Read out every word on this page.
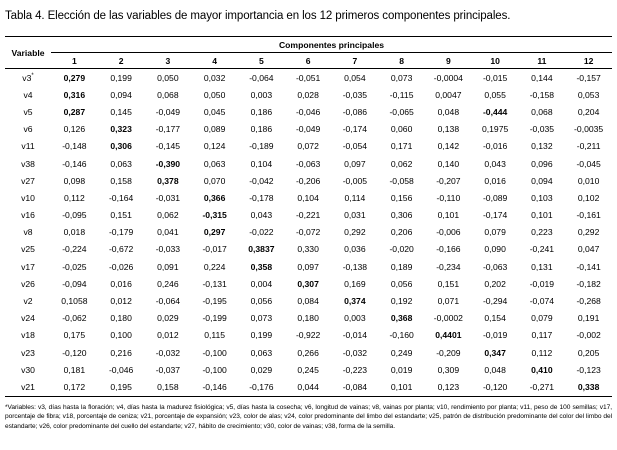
Tabla 4. Elección de las variables de mayor importancia en los 12 primeros componentes principales.
Variable	Componentes principales											
	1	2	3	4	5	6	7	8	9	10	11	12
v3*	0,279	0,199	0,050	0,032	-0,064	-0,051	0,054	0,073	-0,0004	-0,015	0,144	-0,157
v4	0,316	0,094	0,068	0,050	0,003	0,028	-0,035	-0,115	0,0047	0,055	-0,158	0,053
v5	0,287	0,145	-0,049	0,045	0,186	-0,046	-0,086	-0,065	0,048	-0,444	0,068	0,204
v6	0,126	0,323	-0,177	0,089	0,186	-0,049	-0,174	0,060	0,138	0,1975	-0,035	-0,0035
v11	-0,148	0,306	-0,145	0,124	-0,189	0,072	-0,054	0,171	0,142	-0,016	0,132	-0,211
v38	-0,146	0,063	-0,390	0,063	0,104	-0,063	0,097	0,062	0,140	0,043	0,096	-0,045
v27	0,098	0,158	0,378	0,070	-0,042	-0,206	-0,005	-0,058	-0,207	0,016	0,094	0,010
v10	0,112	-0,164	-0,031	0,366	-0,178	0,104	0,114	0,156	-0,110	-0,089	0,103	0,102
v16	-0,095	0,151	0,062	-0,315	0,043	-0,221	0,031	0,306	0,101	-0,174	0,101	-0,161
v8	0,018	-0,179	0,041	0,297	-0,022	-0,072	0,292	0,206	-0,006	0,079	0,223	0,292
v25	-0,224	-0,672	-0,033	-0,017	0,3837	0,330	0,036	-0,020	-0,166	0,090	-0,241	0,047
v17	-0,025	-0,026	0,091	0,224	0,358	0,097	-0,138	0,189	-0,234	-0,063	0,131	-0,141
v26	-0,094	0,016	0,246	-0,131	0,004	0,307	0,169	0,056	0,151	0,202	-0,019	-0,182
v2	0,1058	0,012	-0,064	-0,195	0,056	0,084	0,374	0,192	0,071	-0,294	-0,074	-0,268
v24	-0,062	0,180	0,029	-0,199	0,073	0,180	0,003	0,368	-0,0002	0,154	0,079	0,191
v18	0,175	0,100	0,012	0,115	0,199	-0,922	-0,014	-0,160	0,4401	-0,019	0,117	-0,002
v23	-0,120	0,216	-0,032	-0,100	0,063	0,266	-0,032	0,249	-0,209	0,347	0,112	0,205
v30	0,181	-0,046	-0,037	-0,100	0,029	0,245	-0,223	0,019	0,309	0,048	0,410	-0,123
v21	0,172	0,195	0,158	-0,146	-0,176	0,044	-0,084	0,101	0,123	-0,120	-0,271	0,338
*Variables: v3, días hasta la floración; v4, días hasta la madurez fisiológica; v5, días hasta la cosecha; v6, longitud de vainas; v8, vainas por planta; v10, rendimiento por planta; v11, peso de 100 semillas; v17, porcentaje de fibra; v18, porcentaje de ceniza; v21, porcentaje de expansión; v23, color de alas; v24, color predominante del limbo del estandarte; v25, patrón de distribución predominante del color del limbo del estandarte; v26, color predominante del cuello del estandarte; v27, hábito de crecimiento; v30, color de vainas; v38, forma de la semilla.
